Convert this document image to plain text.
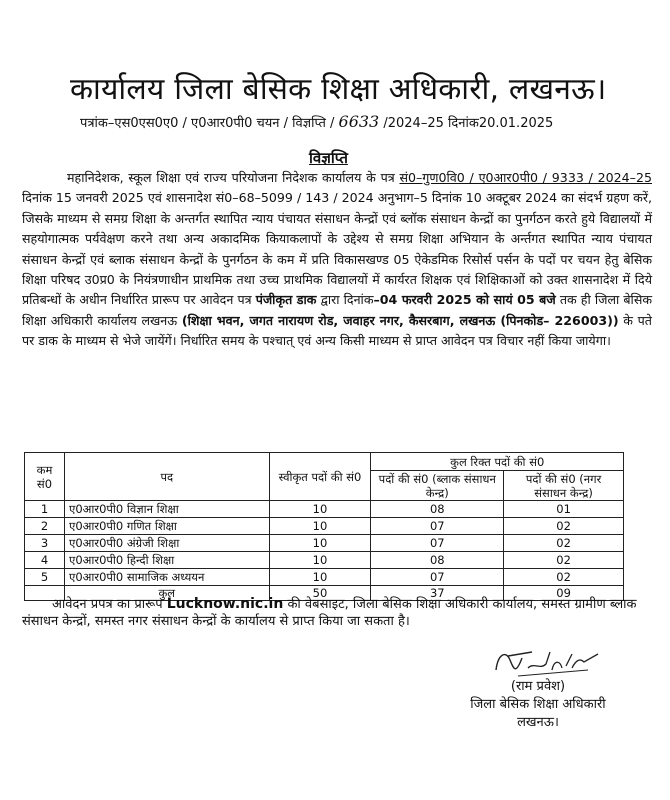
कार्यालय जिला बेसिक शिक्षा अधिकारी, लखनऊ।
पत्रांक–एस0एस0ए0 / ए0आर0पी0 चयन / विज्ञप्ति / 6633 /2024–25 दिनांक20.01.2025
विज्ञप्ति
महानिदेशक, स्कूल शिक्षा एवं राज्य परियोजना निदेशक कार्यालय के पत्र सं0–गुण0वि0 / ए0आर0पी0 / 9333 / 2024–25 दिनांक 15 जनवरी 2025 एवं शासनादेश सं0–68–5099 / 143 / 2024 अनुभाग–5 दिनांक 10 अक्टूबर 2024 का संदर्भ ग्रहण करें, जिसके माध्यम से समग्र शिक्षा के अन्तर्गत स्थापित न्याय पंचायत संसाधन केन्द्रों एवं ब्लॉक संसाधन केन्द्रों का पुनर्गठन करते हुये विद्यालयों में सहयोगात्मक पर्यवेक्षण करने तथा अन्य अकादमिक कियाकलापों के उद्देश्य से समग्र शिक्षा अभियान के अर्न्तगत स्थापित न्याय पंचायत संसाधन केन्द्रों एवं ब्लाक संसाधन केन्द्रों के पुनर्गठन के कम में प्रति विकासखण्ड 05 ऐकेडमिक रिसोर्स पर्सन के पदों पर चयन हेतु बेसिक शिक्षा परिषद उ0प्र0 के नियंत्रणाधीन प्राथमिक तथा उच्च प्राथमिक विद्यालयों में कार्यरत शिक्षक एवं शिक्षिकाओं को उक्त शासनादेश में दिये प्रतिबन्धों के अधीन निर्धारित प्रारूप पर आवेदन पत्र पंजीकृत डाक द्वारा दिनांक–04 फरवरी 2025 को सायं 05 बजे तक ही जिला बेसिक शिक्षा अधिकारी कार्यालय लखनऊ (शिक्षा भवन, जगत नारायण रोड, जवाहर नगर, कैसरबाग, लखनऊ (पिनकोड– 226003)) के पते पर डाक के माध्यम से भेजे जायेंगें। निर्धारित समय के पश्चात् एवं अन्य किसी माध्यम से प्राप्त आवेदन पत्र विचार नहीं किया जायेगा।
कम सं0	पद	स्वीकृत पदों की सं0	कुल रिक्त पदों की सं0	
			पदों की सं0 (ब्लाक संसाधन केन्द्र)	पदों की सं0 (नगर संसाधन केन्द्र)
1	ए0आर0पी0 विज्ञान शिक्षा	10	08	01
2	ए0आर0पी0 गणित शिक्षा	10	07	02
3	ए0आर0पी0 अंग्रेजी शिक्षा	10	07	02
4	ए0आर0पी0 हिन्दी शिक्षा	10	08	02
5	ए0आर0पी0 सामाजिक अध्ययन	10	07	02
	कुल	50	37	09
आवेदन प्रपत्र का प्रारूप Lucknow.nic.in की वेबसाइट, जिला बेसिक शिक्षा अधिकारी कार्यालय, समस्त ग्रामीण ब्लाक संसाधन केन्द्रों, समस्त नगर संसाधन केन्द्रों के कार्यालय से प्राप्त किया जा सकता है।
(राम प्रवेश)
जिला बेसिक शिक्षा अधिकारी
लखनऊ।
